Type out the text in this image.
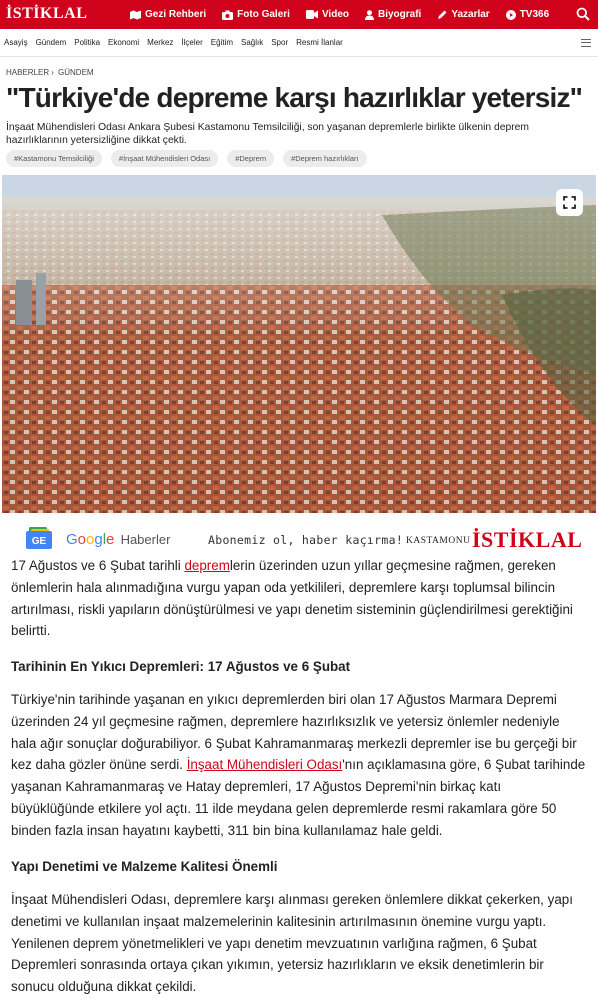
İSTİKLAL	Gezi Rehberi	Foto Galeri	Video	Biyografi	Yazarlar	TV366
Asayiş Gündem Politika Ekonomi Merkez İlçeler Eğitim Sağlık Spor Resmi İlanlar
HABERLER › GÜNDEM
"Türkiye'de depreme karşı hazırlıklar yetersiz"

İnşaat Mühendisleri Odası Ankara Şubesi Kastamonu Temsilciliği, son yaşanan depremlerle birlikte ülkenin deprem hazırlıklarının yetersizliğine dikkat çekti.

#Kastamonu Temsilciliği	#İnşaat Mühendisleri Odası	#Deprem	#Deprem hazırlıkları
GE Google Haberler	Abonemiz ol, haber kaçırma! KASTAMONU İSTİKLAL

17 Ağustos ve 6 Şubat tarihli depremlerin üzerinden uzun yıllar geçmesine rağmen, gereken önlemlerin hala alınmadığına vurgu yapan oda yetkilileri, depremlere karşı toplumsal bilincin artırılması, riskli yapıların dönüştürülmesi ve yapı denetim sisteminin güçlendirilmesi gerektiğini belirtti.

Tarihinin En Yıkıcı Depremleri: 17 Ağustos ve 6 Şubat

Türkiye'nin tarihinde yaşanan en yıkıcı depremlerden biri olan 17 Ağustos Marmara Depremi üzerinden 24 yıl geçmesine rağmen, depremlere hazırlıksızlık ve yetersiz önlemler nedeniyle hala ağır sonuçlar doğurabiliyor. 6 Şubat Kahramanmaraş merkezli depremler ise bu gerçeği bir kez daha gözler önüne serdi. İnşaat Mühendisleri Odası'nın açıklamasına göre, 6 Şubat tarihinde yaşanan Kahramanmaraş ve Hatay depremleri, 17 Ağustos Depremi'nin birkaç katı büyüklüğünde etkilere yol açtı. 11 ilde meydana gelen depremlerde resmi rakamlara göre 50 binden fazla insan hayatını kaybetti, 311 bin bina kullanılamaz hale geldi.

Yapı Denetimi ve Malzeme Kalitesi Önemli

İnşaat Mühendisleri Odası, depremlere karşı alınması gereken önlemlere dikkat çekerken, yapı denetimi ve kullanılan inşaat malzemelerinin kalitesinin artırılmasının önemine vurgu yaptı. Yenilenen deprem yönetmelikleri ve yapı denetim mevzuatının varlığına rağmen, 6 Şubat Depremleri sonrasında ortaya çıkan yıkımın, yetersiz hazırlıkların ve eksik denetimlerin bir sonucu olduğuna dikkat çekildi.
